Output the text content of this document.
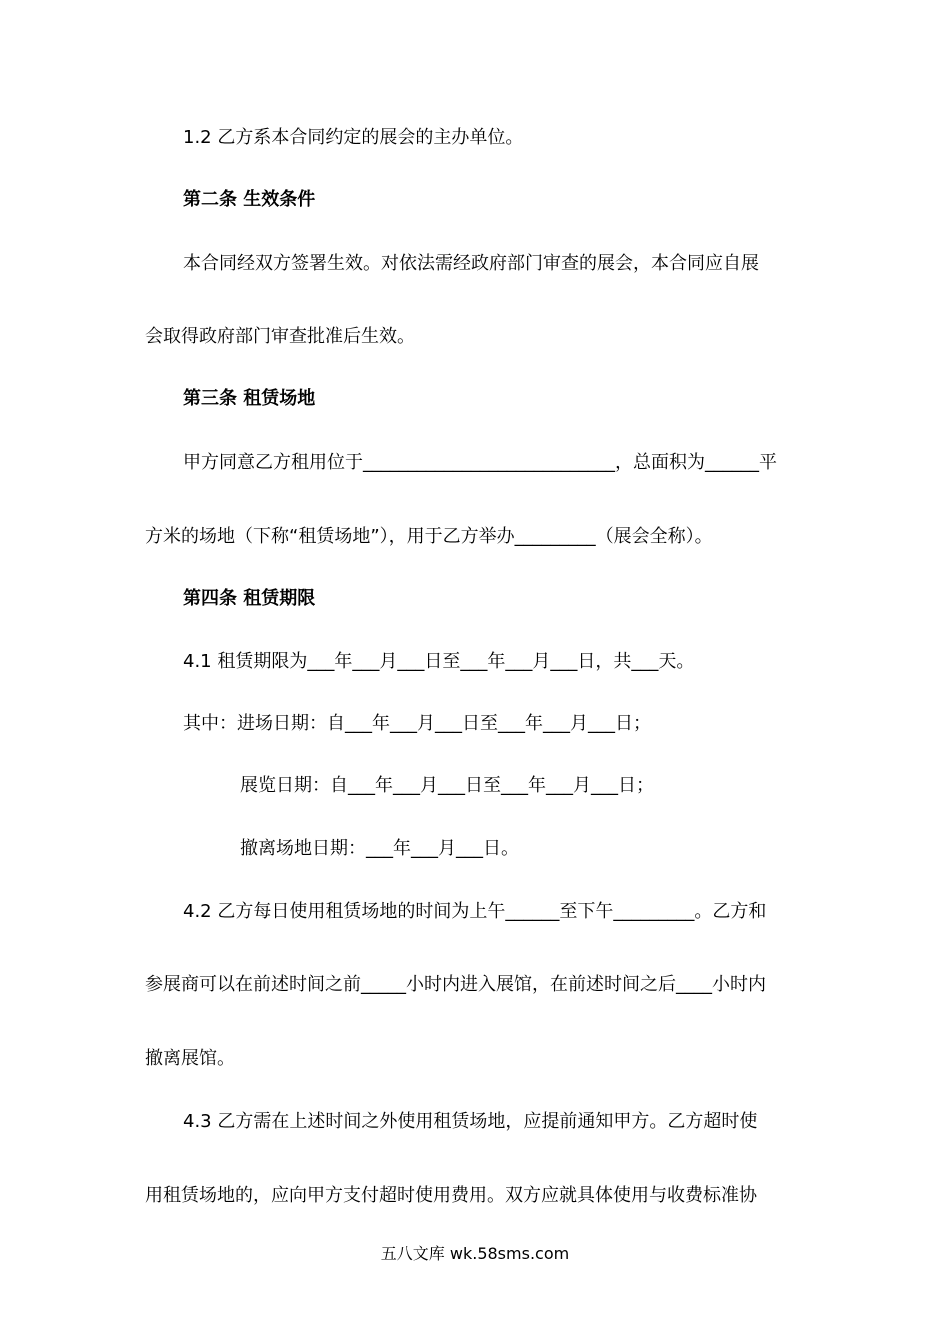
1.2 乙方系本合同约定的展会的主办单位。
第二条 生效条件
本合同经双方签署生效。对依法需经政府部门审查的展会，本合同应自展
会取得政府部门审查批准后生效。
第三条 租赁场地
甲方同意乙方租用位于____________________________，总面积为______平
方米的场地（下称“租赁场地”），用于乙方举办_________（展会全称）。
第四条 租赁期限
4.1 租赁期限为___年___月___日至___年___月___日，共___天。
其中：进场日期：自___年___月___日至___年___月___日；
展览日期：自___年___月___日至___年___月___日；
撤离场地日期：___年___月___日。
4.2 乙方每日使用租赁场地的时间为上午______至下午_________。乙方和
参展商可以在前述时间之前_____小时内进入展馆，在前述时间之后____小时内
撤离展馆。
4.3 乙方需在上述时间之外使用租赁场地，应提前通知甲方。乙方超时使
用租赁场地的，应向甲方支付超时使用费用。双方应就具体使用与收费标准协
五八文库 wk.58sms.com
